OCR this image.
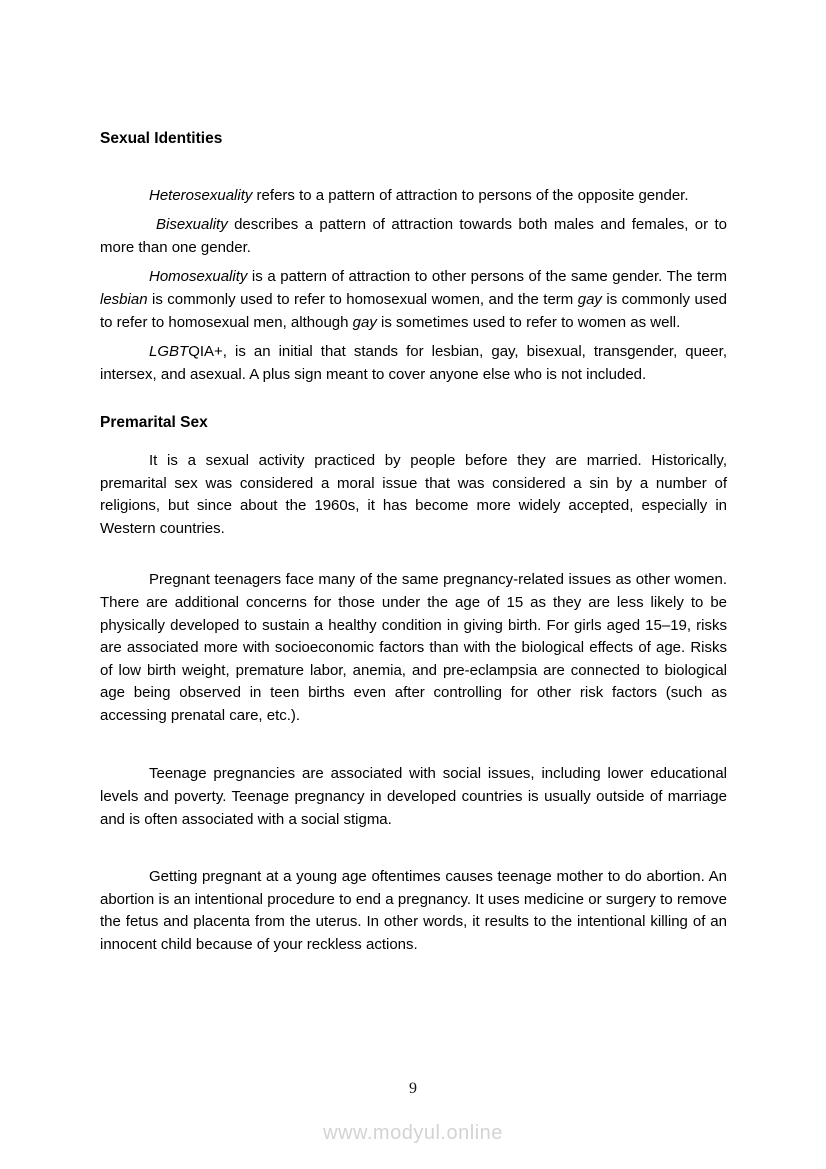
Sexual Identities

Heterosexuality refers to a pattern of attraction to persons of the opposite gender.

Bisexuality describes a pattern of attraction towards both males and females, or to more than one gender.

Homosexuality is a pattern of attraction to other persons of the same gender. The term lesbian is commonly used to refer to homosexual women, and the term gay is commonly used to refer to homosexual men, although gay is sometimes used to refer to women as well.

LGBTQIA+, is an initial that stands for lesbian, gay, bisexual, transgender, queer, intersex, and asexual. A plus sign meant to cover anyone else who is not included.

Premarital Sex

It is a sexual activity practiced by people before they are married. Historically, premarital sex was considered a moral issue that was considered a sin by a number of religions, but since about the 1960s, it has become more widely accepted, especially in Western countries.

Pregnant teenagers face many of the same pregnancy-related issues as other women. There are additional concerns for those under the age of 15 as they are less likely to be physically developed to sustain a healthy condition in giving birth. For girls aged 15–19, risks are associated more with socioeconomic factors than with the biological effects of age. Risks of low birth weight, premature labor, anemia, and pre-eclampsia are connected to biological age being observed in teen births even after controlling for other risk factors (such as accessing prenatal care, etc.).

Teenage pregnancies are associated with social issues, including lower educational levels and poverty. Teenage pregnancy in developed countries is usually outside of marriage and is often associated with a social stigma.

Getting pregnant at a young age oftentimes causes teenage mother to do abortion. An abortion is an intentional procedure to end a pregnancy. It uses medicine or surgery to remove the fetus and placenta from the uterus. In other words, it results to the intentional killing of an innocent child because of your reckless actions.

9
www.modyul.online
